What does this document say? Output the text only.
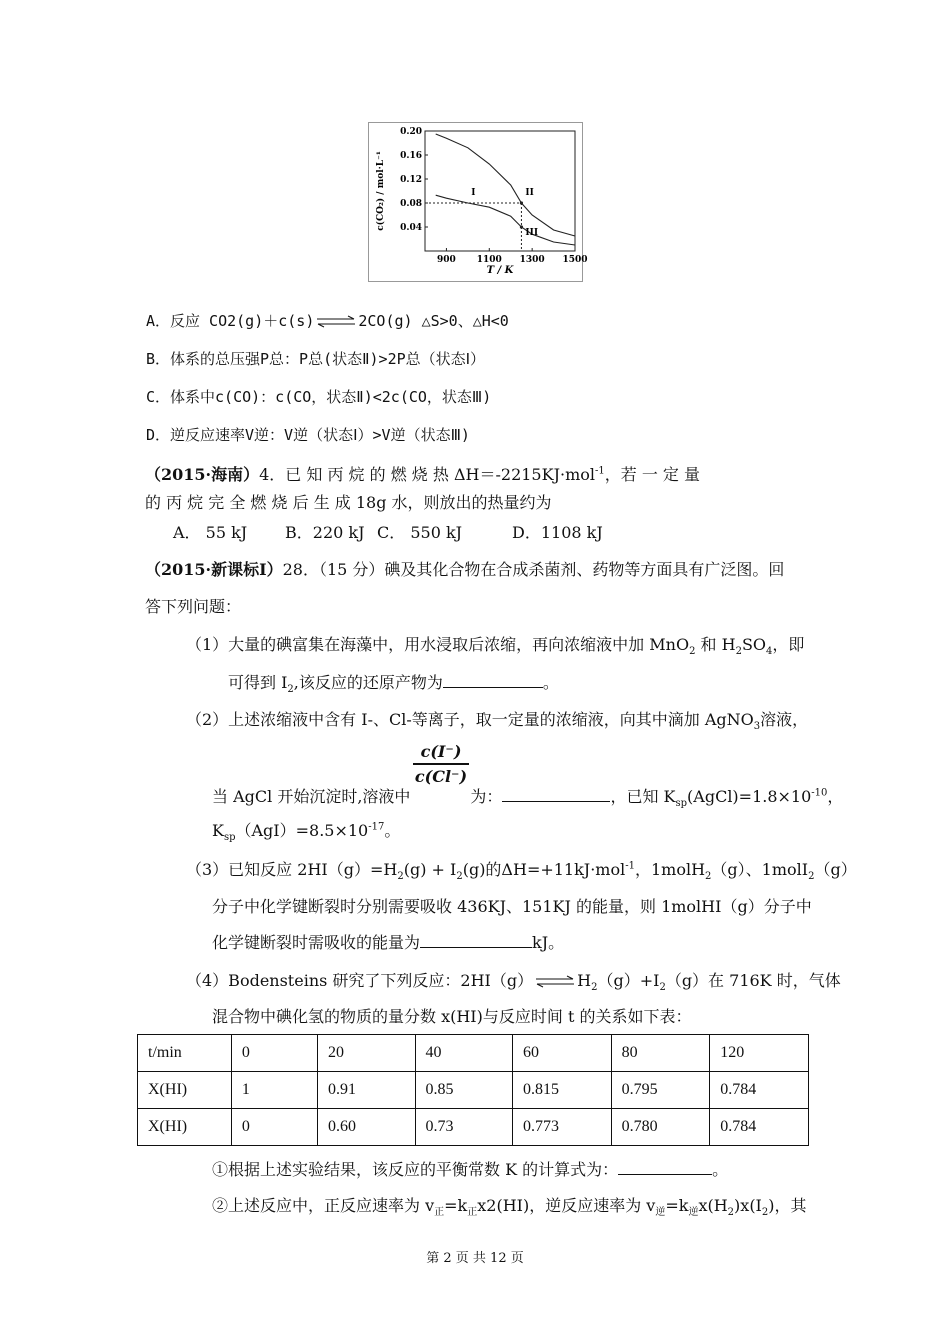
0.20
0.16
0.12
0.08
0.04
900 1100 1300 1500
T / K
c(CO₂) / mol·L⁻¹	I	II
III
A．反应 CO2(g)＋c(s) ⇌ 2CO(g) △S>0、△H<0
B．体系的总压强P总：P总(状态Ⅱ)>2P总（状态Ⅰ）
C．体系中c(CO)：c(CO，状态Ⅱ)<2c(CO，状态Ⅲ)
D．逆反应速率V逆：V逆（状态Ⅰ）>V逆（状态Ⅲ)
（2015·海南）4．已 知 丙 烷 的 燃 烧 热 ΔH＝-2215KJ·mol$^{-1}$，若 一 定 量
的 丙 烷 完 全 燃 烧 后 生 成 18g 水，则放出的热量约为
A． 55 kJ B．220 kJ C． 550 kJ	D．1108 kJ
（2015·新课标Ⅰ）28．（15 分）碘及其化合物在合成杀菌剂、药物等方面具有广泛图。回
答下列问题：
（1）大量的碘富集在海藻中，用水浸取后浓缩，再向浓缩液中加 MnO$_2$ 和 $H_2SO_4$，即
可得到 $I_2$,该反应的还原产物为	。
（2）上述浓缩液中含有 I-、Cl-等离子，取一定量的浓缩液，向其中滴加 AgNO$_3$溶液，
c(I⁻)
c(Cl⁻)
当 AgCl 开始沉淀时,溶液中	为：	，已知 $K_{sp}(AgCl)=1.8\times 10^{-10}$，
$K_{sp}(AgI)=8.5\times 10^{-17}$。
（3）已知反应 $2HI(g)=H_2(g) + I_2(g)$的ΔH=+11kJ·mol$^{-1}$，1molH$_2$（g）、1molI$_2$（g）
分子中化学键断裂时分别需要吸收 436KJ、151KJ 的能量，则 1molHI（g）分子中
化学键断裂时需吸收的能量为	kJ。
（4）Bodensteins 研究了下列反应：2HI（g） ⇌ $H_2(g)+I_2(g)$在 716K 时，气体
混合物中碘化氢的物质的量分数 x(HI)与反应时间 t 的关系如下表：
t/min	0	20	40	60	80	120
X(HI)	1	0.91	0.85	0.815	0.795	0.784
X(HI)	0	0.60	0.73	0.773	0.780	0.784
①根据上述实验结果，该反应的平衡常数 K 的计算式为：	。
②上述反应中，正反应速率为 $v_正=k_正x2(HI)$，逆反应速率为 $v_逆=k_逆x(H_2)x(I_2)$，其
第 2 页 共 12 页
